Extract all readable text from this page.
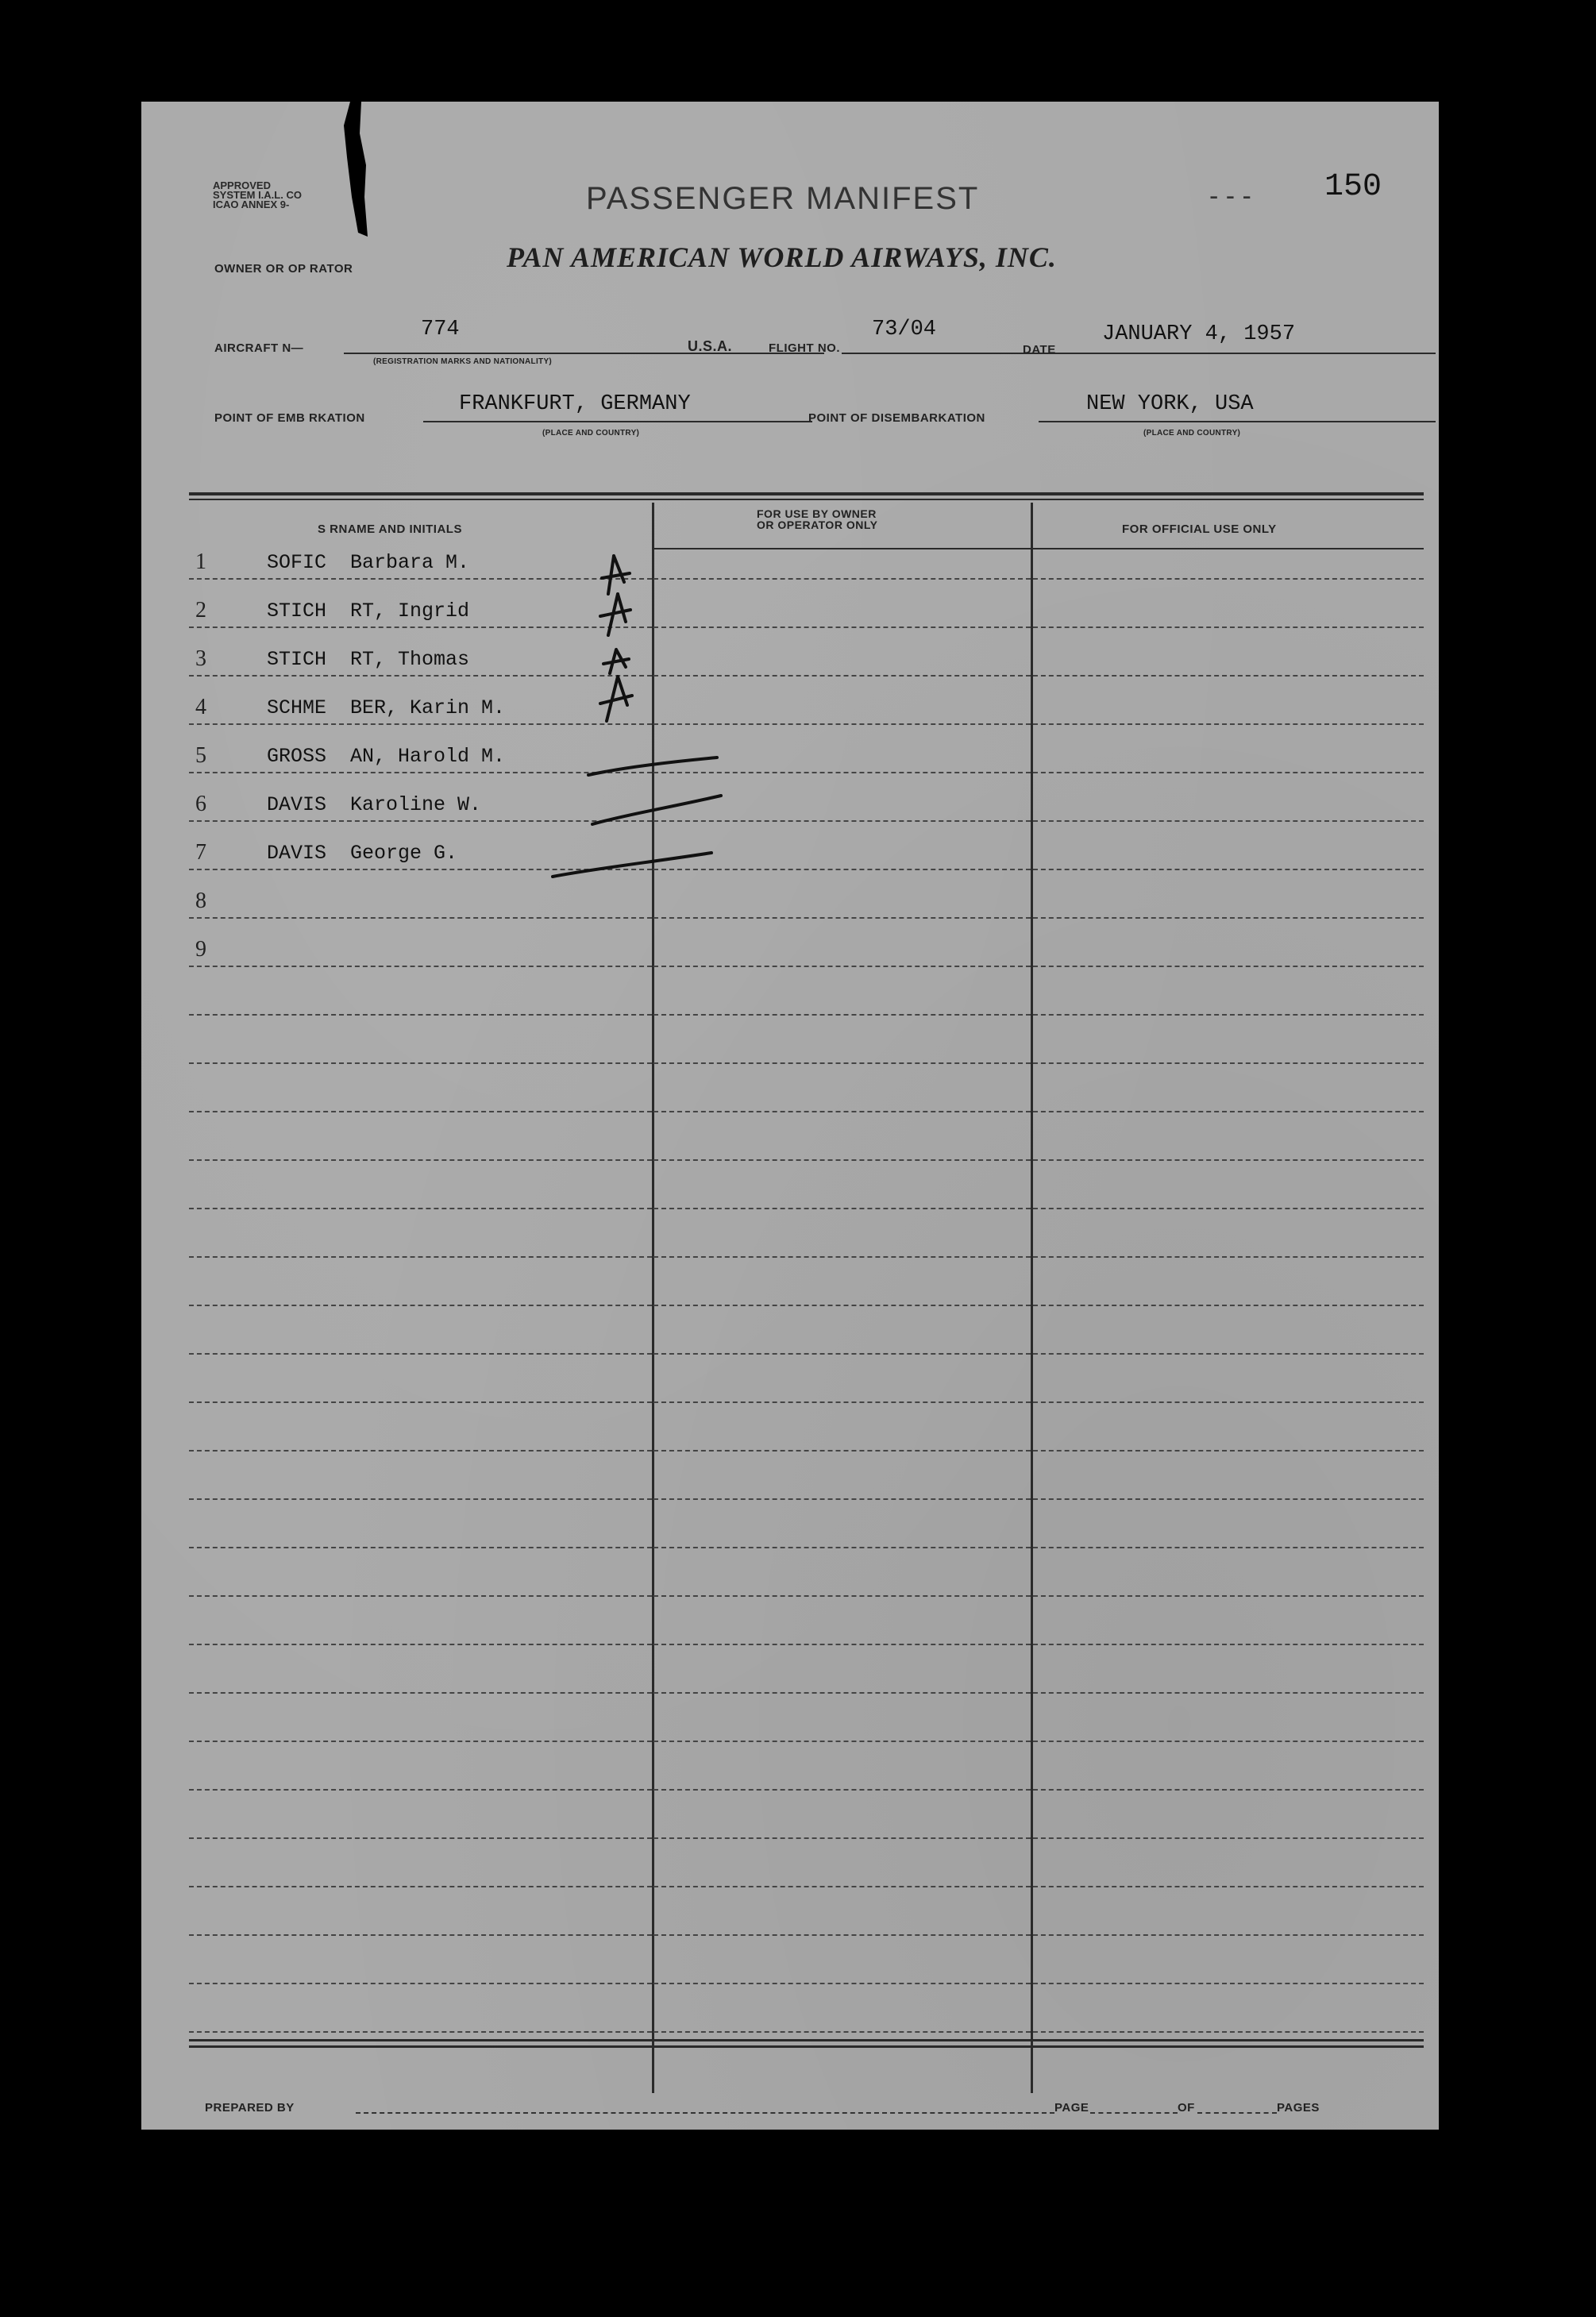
APPROVED
SYSTEM I.A.L. CO
ICAO ANNEX 9-	PASSENGER MANIFEST	- - - 150
OWNER OR OP RATOR	PAN AMERICAN WORLD AIRWAYS, INC.
AIRCRAFT N—
774
(REGISTRATION MARKS AND NATIONALITY)
U.S.A.	FLIGHT NO.
73/04
DATE
JANUARY 4, 1957
POINT OF EMB RKATION
FRANKFURT, GERMANY
(PLACE AND COUNTRY)
POINT OF DISEMBARKATION
NEW YORK, USA
(PLACE AND COUNTRY)
S RNAME AND INITIALS
FOR USE BY OWNER
OR OPERATOR ONLY	FOR OFFICIAL USE ONLY
1	SOFIC  Barbara M.
2	STICH  RT, Ingrid
3	STICH  RT, Thomas
4	SCHME  BER, Karin M.
5	GROSS  AN, Harold M.
6	DAVIS  Karoline W.
7	DAVIS  George G.
8
9
PREPARED BY	PAGE	OF	PAGES
